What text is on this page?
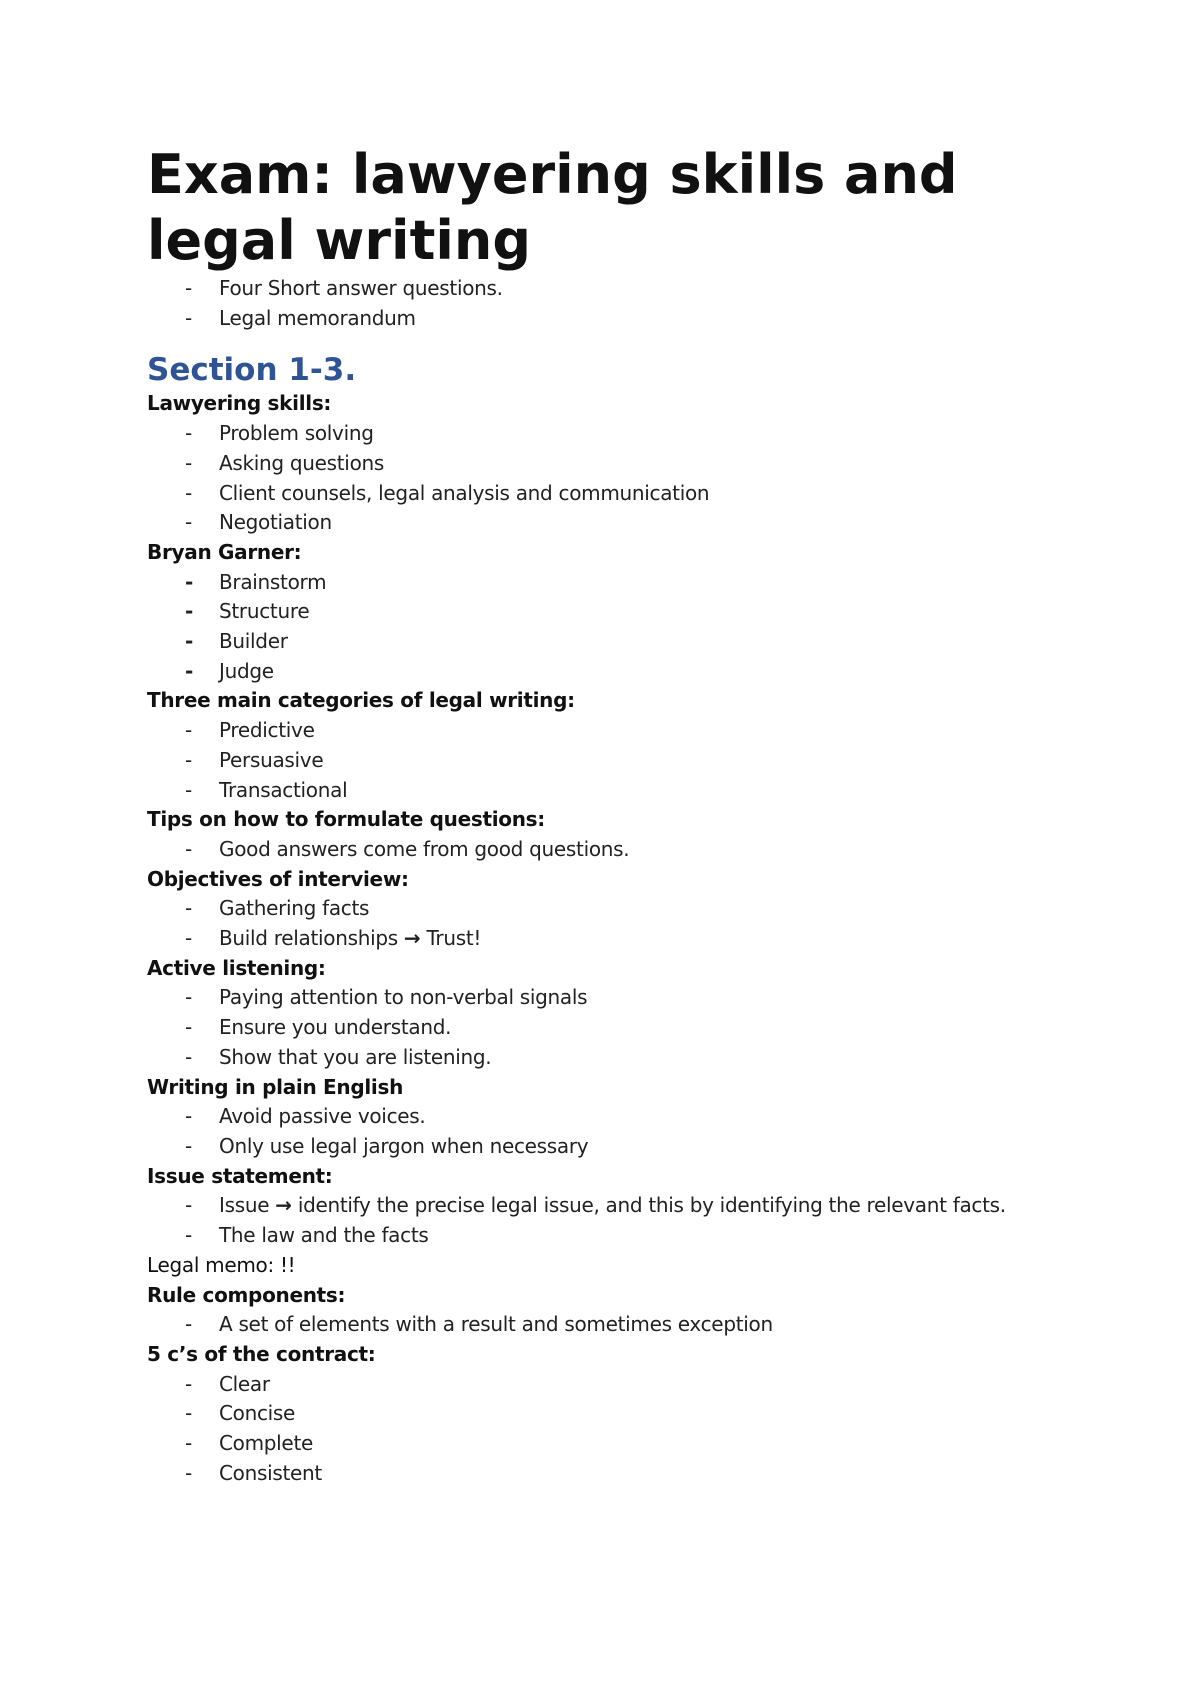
Exam: lawyering skills and legal writing
- Four Short answer questions.
- Legal memorandum
Section 1-3.
Lawyering skills:
- Problem solving
- Asking questions
- Client counsels, legal analysis and communication
- Negotiation
Bryan Garner:
- Brainstorm
- Structure
- Builder
- Judge
Three main categories of legal writing:
- Predictive
- Persuasive
- Transactional
Tips on how to formulate questions:
- Good answers come from good questions.
Objectives of interview:
- Gathering facts
- Build relationships → Trust!
Active listening:
- Paying attention to non-verbal signals
- Ensure you understand.
- Show that you are listening.
Writing in plain English
- Avoid passive voices.
- Only use legal jargon when necessary
Issue statement:
- Issue → identify the precise legal issue, and this by identifying the relevant facts.
- The law and the facts
Legal memo: !!
Rule components:
- A set of elements with a result and sometimes exception
5 c’s of the contract:
- Clear
- Concise
- Complete
- Consistent
